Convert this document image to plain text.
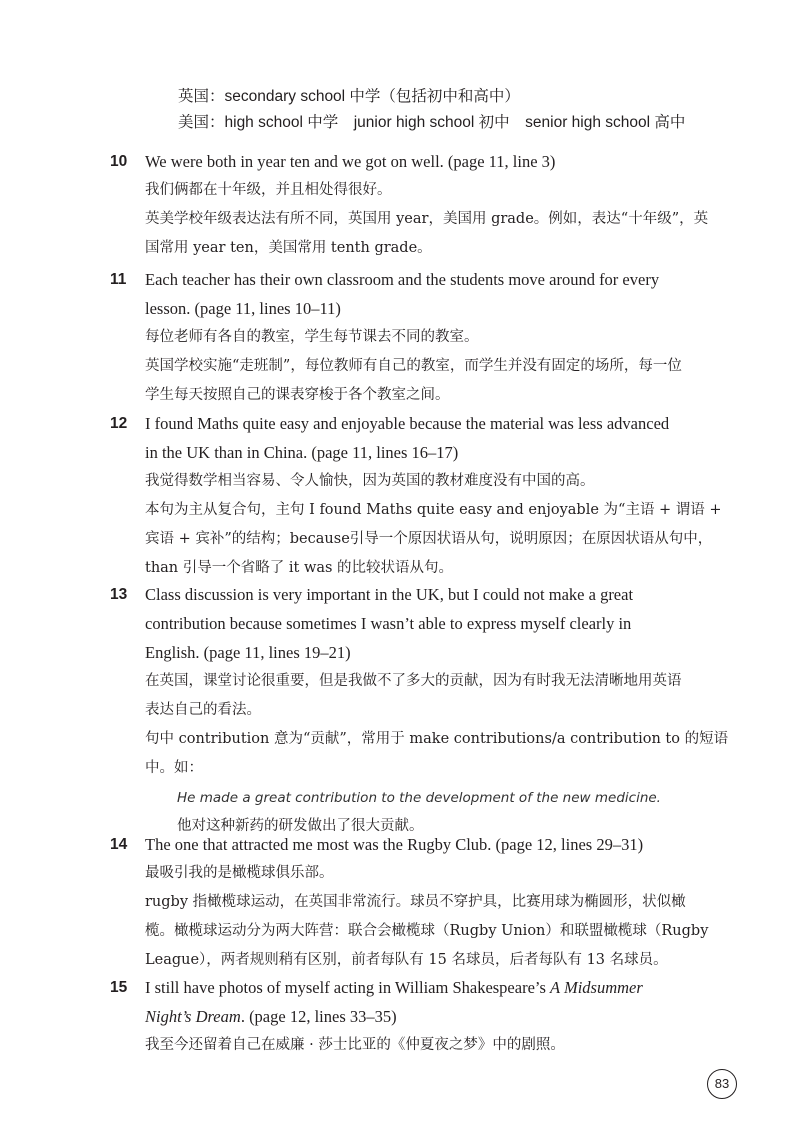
英国：secondary school 中学（包括初中和高中）
美国：high school 中学　junior high school 初中　senior high school 高中
10	We were both in year ten and we got on well. (page 11, line 3)
我们俩都在十年级，并且相处得很好。
英美学校年级表达法有所不同，英国用 year，美国用 grade。例如，表达“十年级”，英
国常用 year ten，美国常用 tenth grade。
11	Each teacher has their own classroom and the students move around for every lesson. (page 11, lines 10–11)
每位老师有各自的教室，学生每节课去不同的教室。
英国学校实施“走班制”，每位教师有自己的教室，而学生并没有固定的场所，每一位
学生每天按照自己的课表穿梭于各个教室之间。
12	I found Maths quite easy and enjoyable because the material was less advanced in the UK than in China. (page 11, lines 16–17)
我觉得数学相当容易、令人愉快，因为英国的教材难度没有中国的高。
本句为主从复合句，主句 I found Maths quite easy and enjoyable 为“主语 + 谓语 +
宾语 + 宾补”的结构；because引导一个原因状语从句，说明原因；在原因状语从句中，
than 引导一个省略了 it was 的比较状语从句。
13	Class discussion is very important in the UK, but I could not make a great contribution because sometimes I wasn’t able to express myself clearly in English. (page 11, lines 19–21)
在英国，课堂讨论很重要，但是我做不了多大的贡献，因为有时我无法清晰地用英语
表达自己的看法。
句中 contribution 意为“贡献”，常用于 make contributions/a contribution to 的短语
中。如：
He made a great contribution to the development of the new medicine.
他对这种新药的研发做出了很大贡献。
14	The one that attracted me most was the Rugby Club. (page 12, lines 29–31)
最吸引我的是橄榄球俱乐部。
rugby 指橄榄球运动，在英国非常流行。球员不穿护具，比赛用球为椭圆形，状似橄
榄。橄榄球运动分为两大阵营：联合会橄榄球（Rugby Union）和联盟橄榄球（Rugby
League），两者规则稍有区别，前者每队有 15 名球员，后者每队有 13 名球员。
15	I still have photos of myself acting in William Shakespeare’s A Midsummer Night’s Dream. (page 12, lines 33–35)
我至今还留着自己在威廉 · 莎士比亚的《仲夏夜之梦》中的剧照。
83
